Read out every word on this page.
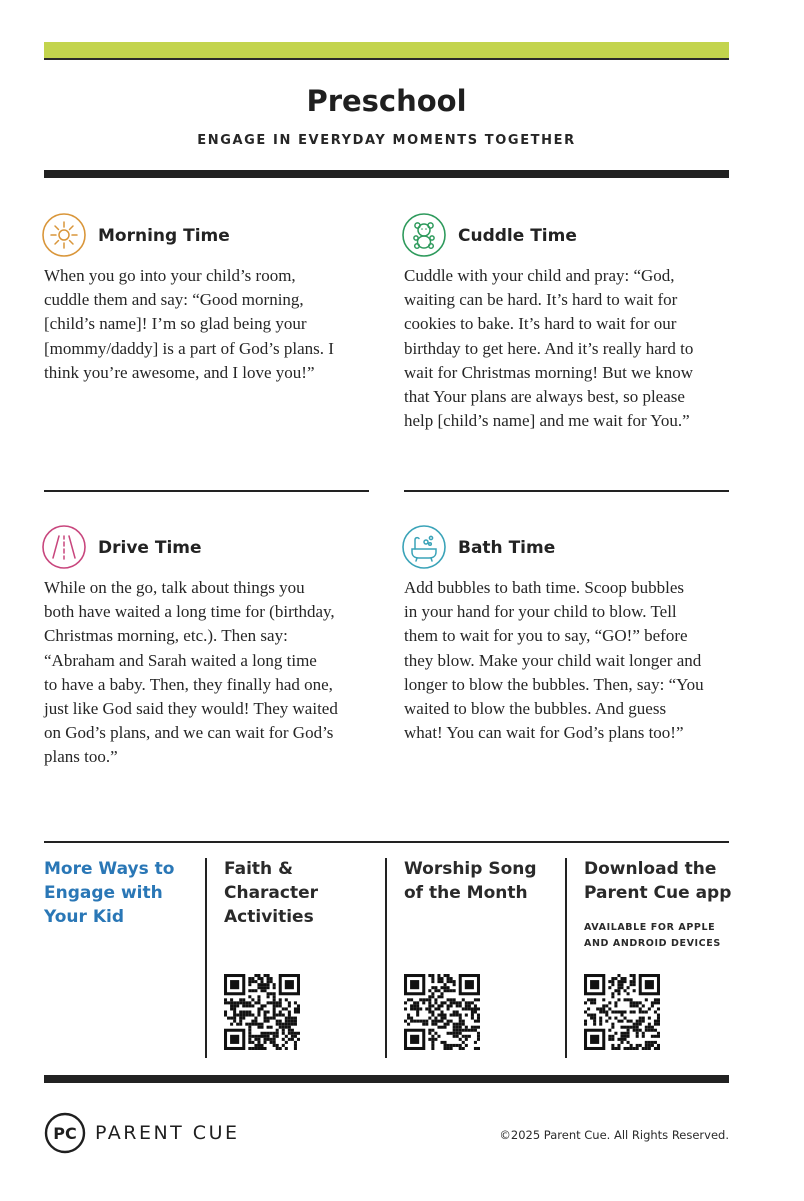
Preschool
ENGAGE IN EVERYDAY MOMENTS TOGETHER
Morning Time
When you go into your child’s room,
cuddle them and say: “Good morning,
[child’s name]! I’m so glad being your
[mommy/daddy] is a part of God’s plans. I
think you’re awesome, and I love you!”
Cuddle Time
Cuddle with your child and pray: “God,
waiting can be hard. It’s hard to wait for
cookies to bake. It’s hard to wait for our
birthday to get here. And it’s really hard to
wait for Christmas morning! But we know
that Your plans are always best, so please
help [child’s name] and me wait for You.”
Drive Time
While on the go, talk about things you
both have waited a long time for (birthday,
Christmas morning, etc.). Then say:
“Abraham and Sarah waited a long time
to have a baby. Then, they finally had one,
just like God said they would! They waited
on God’s plans, and we can wait for God’s
plans too.”
Bath Time
Add bubbles to bath time. Scoop bubbles
in your hand for your child to blow. Tell
them to wait for you to say, “GO!” before
they blow. Make your child wait longer and
longer to blow the bubbles. Then, say: “You
waited to blow the bubbles. And guess
what! You can wait for God’s plans too!”
More Ways to
Engage with
Your Kid
Faith &
Character
Activities
Worship Song
of the Month
Download the
Parent Cue app
AVAILABLE FOR APPLE
AND ANDROID DEVICES
PC PARENT CUE	©2025 Parent Cue. All Rights Reserved.
